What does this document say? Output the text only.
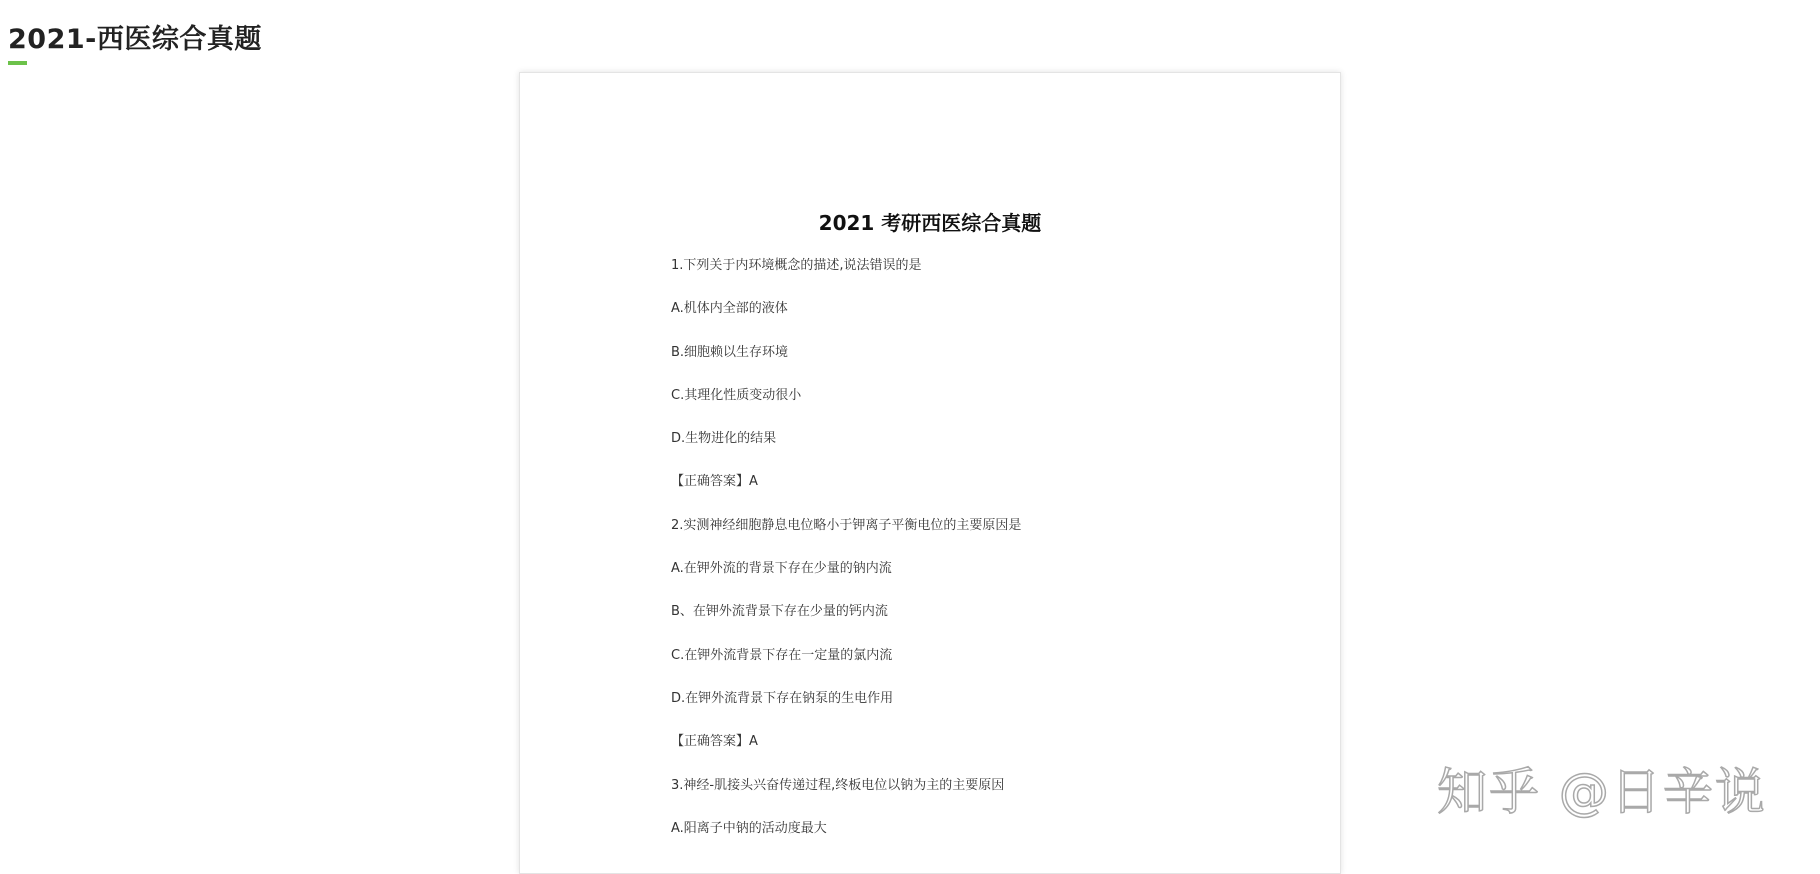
2021-西医综合真题
2021 考研西医综合真题
1.下列关于内环境概念的描述,说法错误的是
A.机体内全部的液体
B.细胞赖以生存环境
C.其理化性质变动很小
D.生物进化的结果
【正确答案】A
2.实测神经细胞静息电位略小于钾离子平衡电位的主要原因是
A.在钾外流的背景下存在少量的钠内流
B、在钾外流背景下存在少量的钙内流
C.在钾外流背景下存在一定量的氯内流
D.在钾外流背景下存在钠泵的生电作用
【正确答案】A
3.神经-肌接头兴奋传递过程,终板电位以钠为主的主要原因
A.阳离子中钠的活动度最大
知乎 @日辛说
